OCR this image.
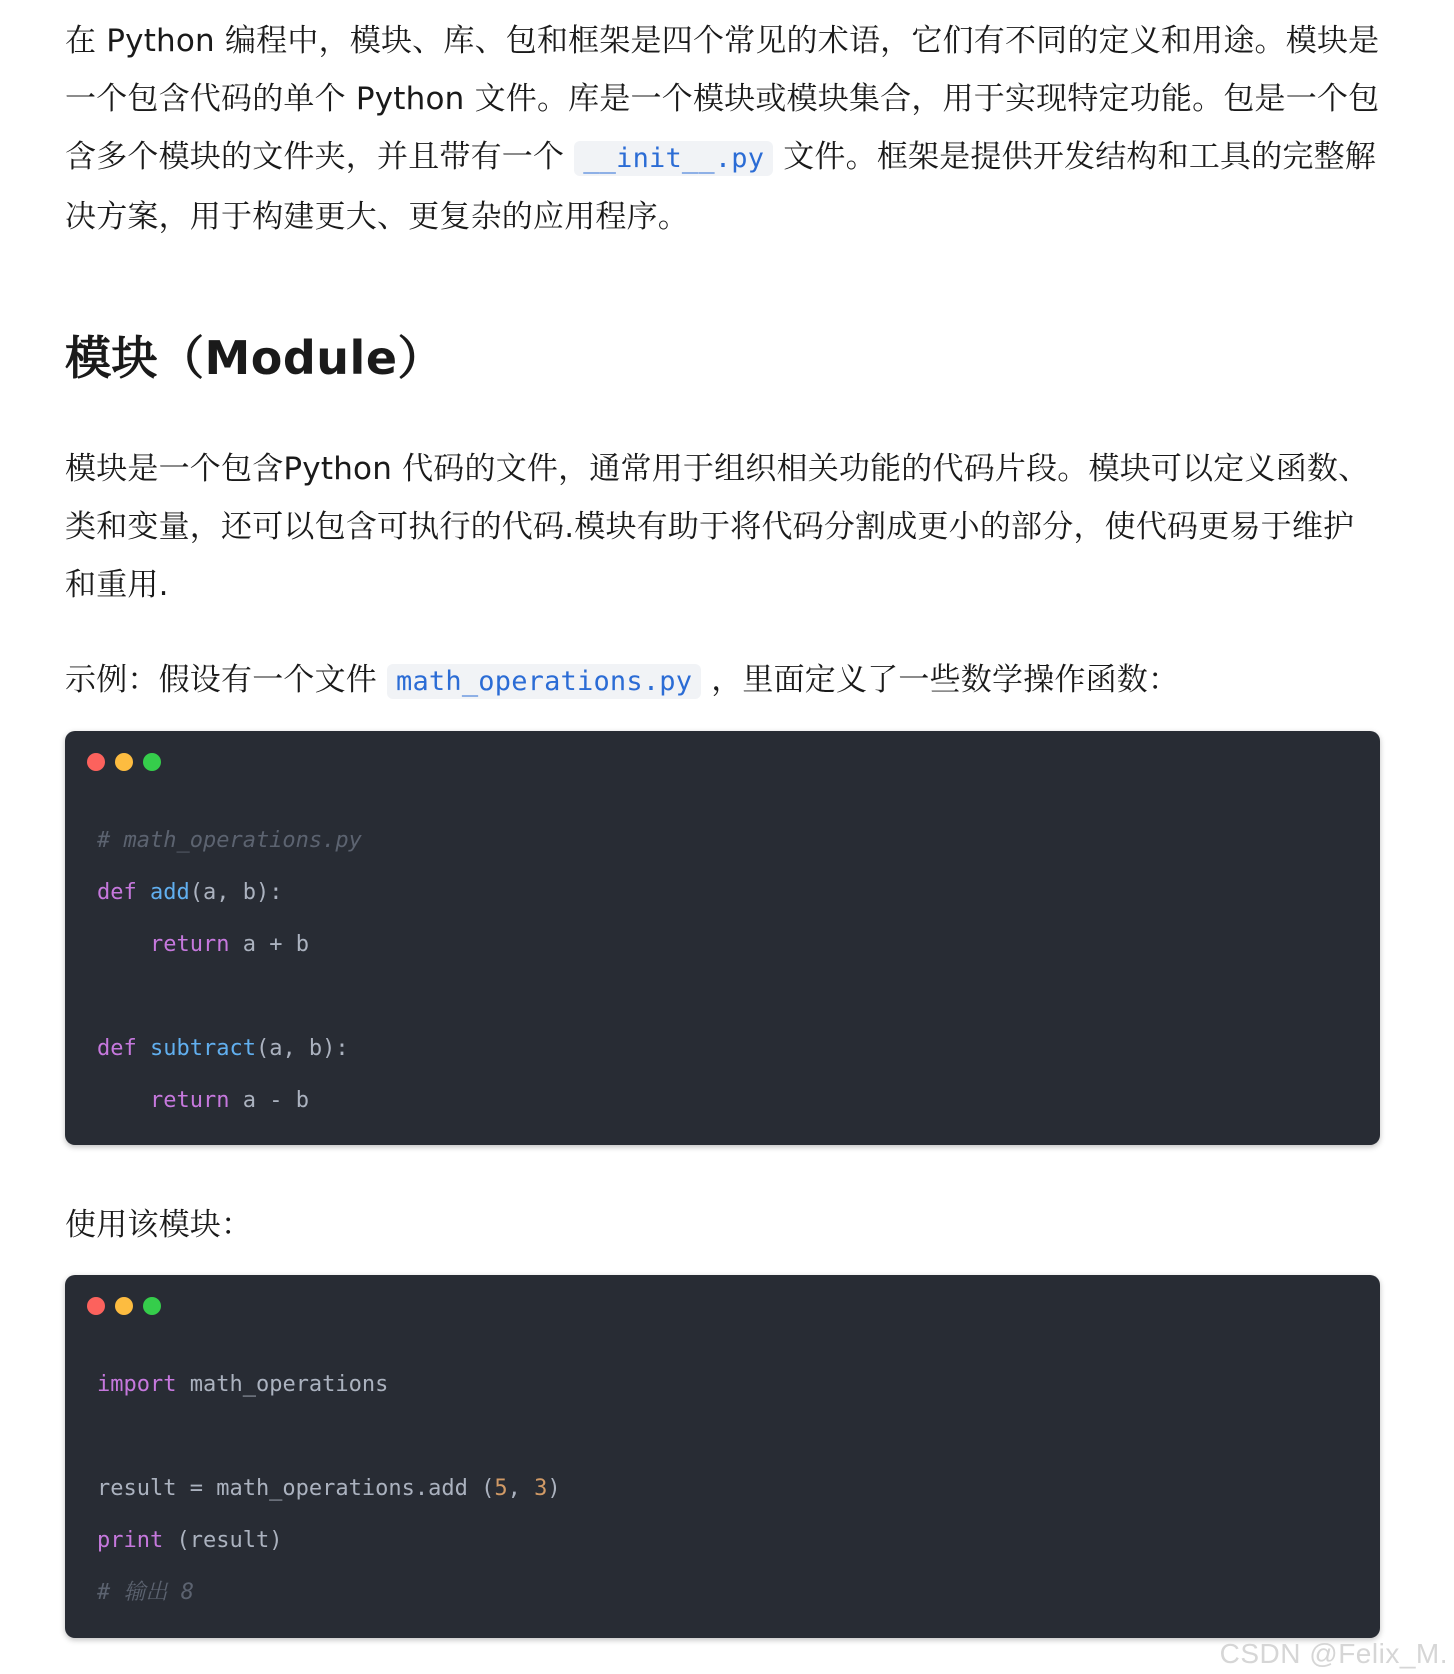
在 Python 编程中，模块、库、包和框架是四个常见的术语，它们有不同的定义和用途。模块是一个包含代码的单个 Python 文件。库是一个模块或模块集合，用于实现特定功能。包是一个包含多个模块的文件夹，并且带有一个 __init__.py 文件。框架是提供开发结构和工具的完整解决方案，用于构建更大、更复杂的应用程序。

模块（Module）

模块是一个包含Python 代码的文件，通常用于组织相关功能的代码片段。模块可以定义函数、类和变量，还可以包含可执行的代码.模块有助于将代码分割成更小的部分，使代码更易于维护和重用.

示例：假设有一个文件 math_operations.py ，里面定义了一些数学操作函数：

# math_operations.py
def add(a, b):
return a + b
def subtract(a, b):
return a - b

使用该模块：

import math_operations
result = math_operations.add (5, 3)
print (result)
# 输出 8
CSDN @Felix_M.
